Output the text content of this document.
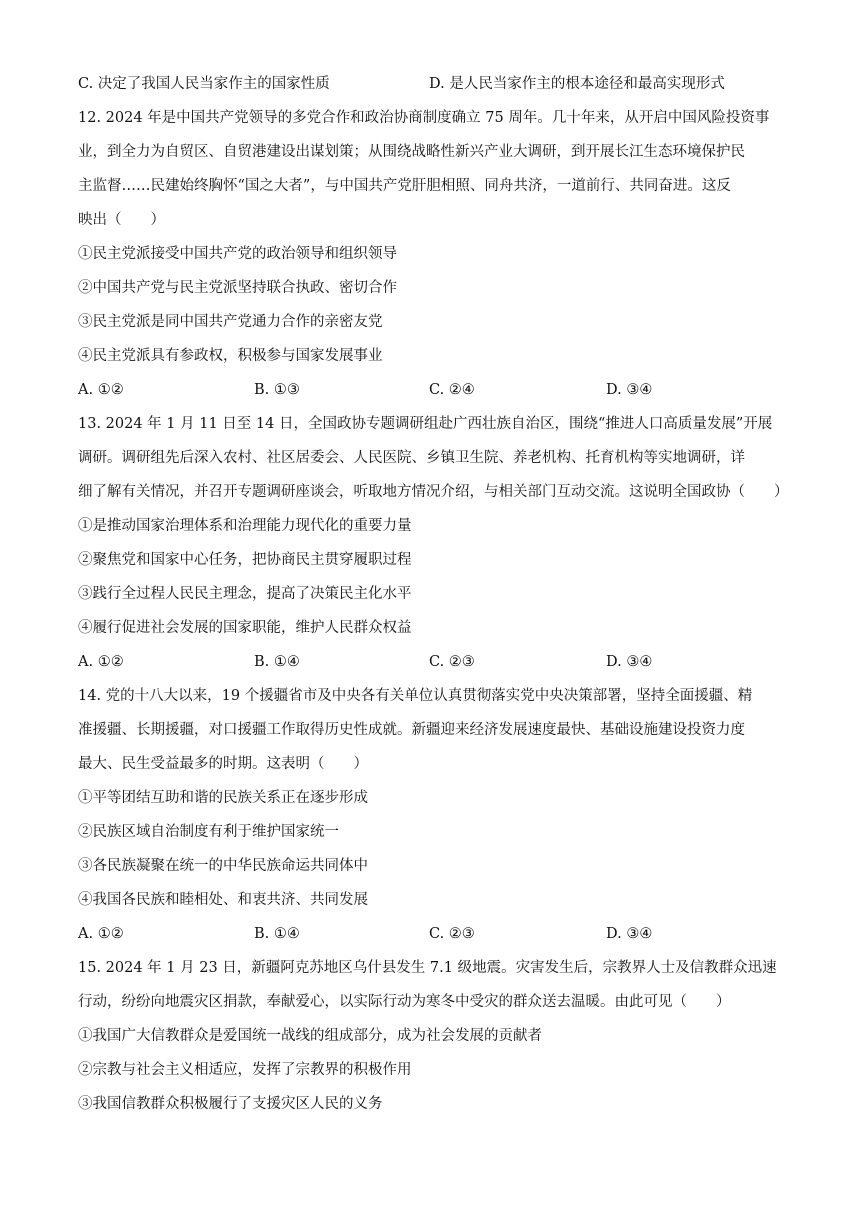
C. 决定了我国人民当家作主的国家性质	D. 是人民当家作主的根本途径和最高实现形式
12. 2024 年是中国共产党领导的多党合作和政治协商制度确立 75 周年。几十年来，从开启中国风险投资事
业，到全力为自贸区、自贸港建设出谋划策；从围绕战略性新兴产业大调研，到开展长江生态环境保护民
主监督……民建始终胸怀“国之大者”，与中国共产党肝胆相照、同舟共济，一道前行、共同奋进。这反
映出（　　）
①民主党派接受中国共产党的政治领导和组织领导
②中国共产党与民主党派坚持联合执政、密切合作
③民主党派是同中国共产党通力合作的亲密友党
④民主党派具有参政权，积极参与国家发展事业
A. ①②	B. ①③	C. ②④	D. ③④
13. 2024 年 1 月 11 日至 14 日，全国政协专题调研组赴广西壮族自治区，围绕“推进人口高质量发展”开展
调研。调研组先后深入农村、社区居委会、人民医院、乡镇卫生院、养老机构、托育机构等实地调研，详
细了解有关情况，并召开专题调研座谈会，听取地方情况介绍，与相关部门互动交流。这说明全国政协（　　）
①是推动国家治理体系和治理能力现代化的重要力量
②聚焦党和国家中心任务，把协商民主贯穿履职过程
③践行全过程人民民主理念，提高了决策民主化水平
④履行促进社会发展的国家职能，维护人民群众权益
A. ①②	B. ①④	C. ②③	D. ③④
14. 党的十八大以来，19 个援疆省市及中央各有关单位认真贯彻落实党中央决策部署，坚持全面援疆、精
准援疆、长期援疆，对口援疆工作取得历史性成就。新疆迎来经济发展速度最快、基础设施建设投资力度
最大、民生受益最多的时期。这表明（　　）
①平等团结互助和谐的民族关系正在逐步形成
②民族区域自治制度有利于维护国家统一
③各民族凝聚在统一的中华民族命运共同体中
④我国各民族和睦相处、和衷共济、共同发展
A. ①②	B. ①④	C. ②③	D. ③④
15. 2024 年 1 月 23 日，新疆阿克苏地区乌什县发生 7.1 级地震。灾害发生后，宗教界人士及信教群众迅速
行动，纷纷向地震灾区捐款，奉献爱心，以实际行动为寒冬中受灾的群众送去温暖。由此可见（　　）
①我国广大信教群众是爱国统一战线的组成部分，成为社会发展的贡献者
②宗教与社会主义相适应，发挥了宗教界的积极作用
③我国信教群众积极履行了支援灾区人民的义务
